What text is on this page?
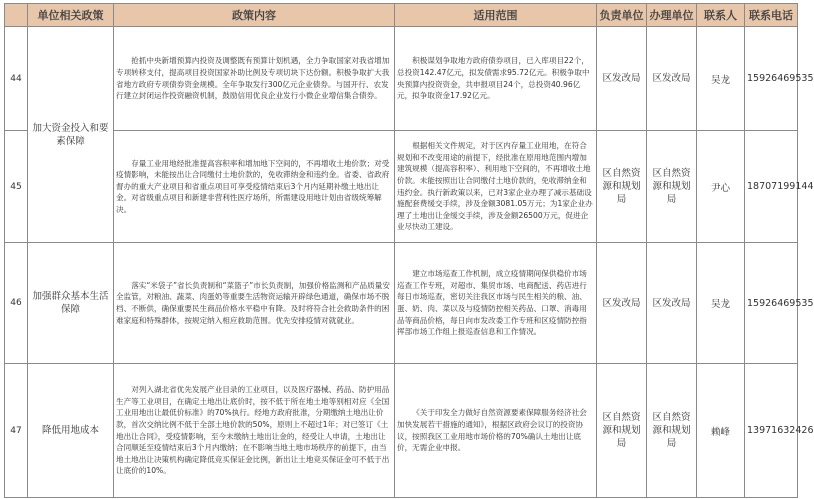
	单位相关政策	政策内容	适用范围	负责单位	办理单位	联系人	联系电话
44	加大资金投入和要素保障	抢抓中央新增预算内投资及调整既有预算计划机遇，全力争取国家对我省增加专项转移支付，提高项目投资国家补助比例及专项切块下达份额。积极争取扩大我省地方政府专项债券资金规模。全年争取发行300亿元企业债券。与国开行、农发行建立封闭运作投资融资机制，鼓励信用优良企业发行小微企业增信集合债券。	积极谋划争取地方政府债券项目，已入库项目22个，总投资142.47亿元，拟发债需求95.72亿元。积极争取中央预算内投资资金，共申报项目24个，总投资40.96亿元，拟争取资金17.92亿元。	区发改局	区发改局	吴龙	15926469535
45		存量工业用地经批准提高容积率和增加地下空间的，不再增收土地价款；对受疫情影响，未能按出让合同缴付土地价款的，免收滞纳金和违约金。省委、省政府督办的重大产业项目和省重点项目可享受疫情结束后3个月内延期补缴土地出让金。对省级重点项目和新建非营利性医疗场所，所需建设用地计划由省级统筹解决。	根据相关文件规定，对于区内存量工业用地，在符合规划和不改变用途的前提下，经批准在原用地范围内增加建筑规模（提高容积率）、利用地下空间的，不再增收土地价款。未能按照出让合同缴付土地价款的，免收滞纳金和违约金。执行新政策以来，已对3家企业办理了减示基础设施配套费缓交手续，涉及金额3081.05万元；为1家企业办理了土地出让金缓交手续，涉及金额26500万元，促进企业尽快动工建设。	区自然资源和规划局	区自然资源和规划局	尹心	18707199144
46	加强群众基本生活保障	落实“米袋子”省长负责制和“菜篮子”市长负责制，加强价格监测和产品质量安全监管，对粮油、蔬菜、肉蛋奶等重要生活物资运输开辟绿色通道，确保市场不脱档、不断供，确保重要民生商品价格水平稳中有降。及时将符合社会救助条件的困难家庭和特殊群体，按规定纳入相应救助范围。优先安排疫情对就就业。	建立市场巡查工作机制，成立疫情期间保供稳价市场巡查工作专班，对超市、集贸市场、电商配送、药店进行每日市场巡查，密切关注我区市场与民生相关的粮、油、蛋、奶、肉、菜以及与疫情防控相关药品、口罩、消毒用品等商品价格，每日向市发改委工作专班和区疫情防控指挥部市场工作组上报巡查信息和工作情况。	区发改局	区发改局	吴龙	15926469535
47	降低用地成本	对列入湖北省优先发展产业目录的工业项目，以及医疗器械、药品、防护用品生产等工业项目，在确定土地出让底价时，按不低于所在地土地等别相对应《全国工业用地出让最低价标准》的70%执行。经地方政府批准，分期缴纳土地出让价款，首次交纳比例不低于全部土地价款的50%，原则上不超过1年；对已签订《土地出让合同》，受疫情影响，至今未缴纳土地出让金的，经受让人申请，土地出让合同顺延至疫情结束后3个月内缴纳；在不影响当地土地市场秩序的前提下，由当地土地出让决策机构确定降低竞买保证金比例，新出让土地竞买保证金可不低于出让底价的10%。	《关于印发全力做好自然资源要素保障服务经济社会加快发展若干措施的通知》，根据区政府会议订的投资协议，按照我区工业用地市场价格的70%确认土地出让底价，无需企业申报。	区自然资源和规划局	区自然资源和规划局	赖峰	13971632426
